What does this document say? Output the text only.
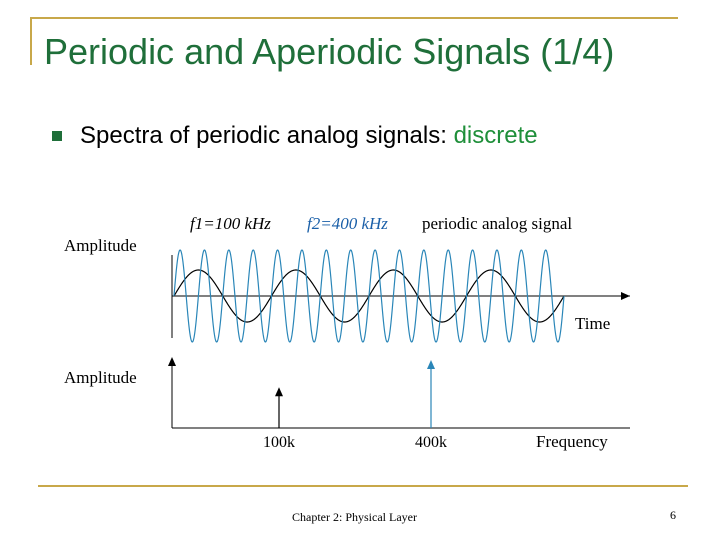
Periodic and Aperiodic Signals (1/4)
Spectra of periodic analog signals: discrete
Amplitude
f1=100 kHz f2=400 kHz periodic analog signal
Time
Amplitude
100k	400k	Frequency
Chapter 2: Physical Layer	6
